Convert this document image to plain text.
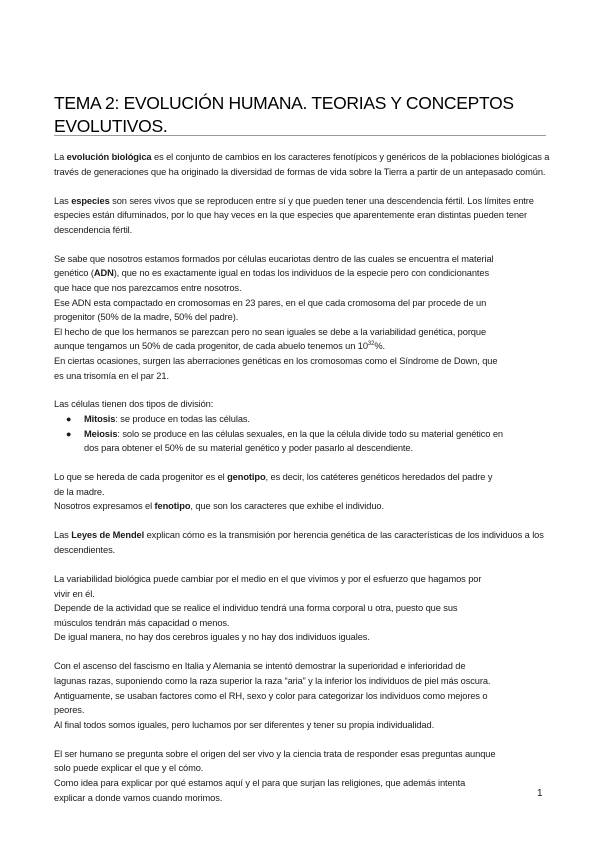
TEMA 2: EVOLUCIÓN HUMANA. TEORIAS Y CONCEPTOS EVOLUTIVOS.

La evolución biológica es el conjunto de cambios en los caracteres fenotípicos y genéricos de la poblaciones biológicas a través de generaciones que ha originado la diversidad de formas de vida sobre la Tierra a partir de un antepasado común.

Las especies son seres vivos que se reproducen entre sí y que pueden tener una descendencia fértil. Los límites entre especies están difuminados, por lo que hay veces en la que especies que aparentemente eran distintas pueden tener descendencia fértil.

Se sabe que nosotros estamos formados por células eucariotas dentro de las cuales se encuentra el material
genético (ADN), que no es exactamente igual en todas los individuos de la especie pero con condicionantes
que hace que nos parezcamos entre nosotros.
Ese ADN esta compactado en cromosomas en 23 pares, en el que cada cromosoma del par procede de un
progenitor (50% de la madre, 50% del padre).
El hecho de que los hermanos se parezcan pero no sean iguales se debe a la variabilidad genética, porque
aunque tengamos un 50% de cada progenitor, de cada abuelo tenemos un $10^{32}\%$.
En ciertas ocasiones, surgen las aberraciones genéticas en los cromosomas como el Síndrome de Down, que
es una trisomía en el par 21.

Las células tienen dos tipos de división:
● Mitosis: se produce en todas las células.
● Meiosis: solo se produce en las células sexuales, en la que la célula divide todo su material genético en
dos para obtener el 50% de su material genético y poder pasarlo al descendiente.

Lo que se hereda de cada progenitor es el genotipo, es decir, los catéteres genéticos heredados del padre y
de la madre.
Nosotros expresamos el fenotipo, que son los caracteres que exhibe el individuo.

Las Leyes de Mendel explican cómo es la transmisión por herencia genética de las características de los individuos a los descendientes.

La variabilidad biológica puede cambiar por el medio en el que vivimos y por el esfuerzo que hagamos por
vivir en él.
Depende de la actividad que se realice el individuo tendrá una forma corporal u otra, puesto que sus
músculos tendrán más capacidad o menos.
De igual manera, no hay dos cerebros iguales y no hay dos individuos iguales.

Con el ascenso del fascismo en Italia y Alemania se intentó demostrar la superioridad e inferioridad de
lagunas razas, suponiendo como la raza superior la raza “aria” y la inferior los individuos de piel más oscura.
Antiguamente, se usaban factores como el RH, sexo y color para categorizar los individuos como mejores o
peores.
Al final todos somos iguales, pero luchamos por ser diferentes y tener su propia individualidad.

El ser humano se pregunta sobre el origen del ser vivo y la ciencia trata de responder esas preguntas aunque
solo puede explicar el que y el cómo.
Como idea para explicar por qué estamos aquí y el para que surjan las religiones, que además intenta
explicar a donde vamos cuando morimos.	1
